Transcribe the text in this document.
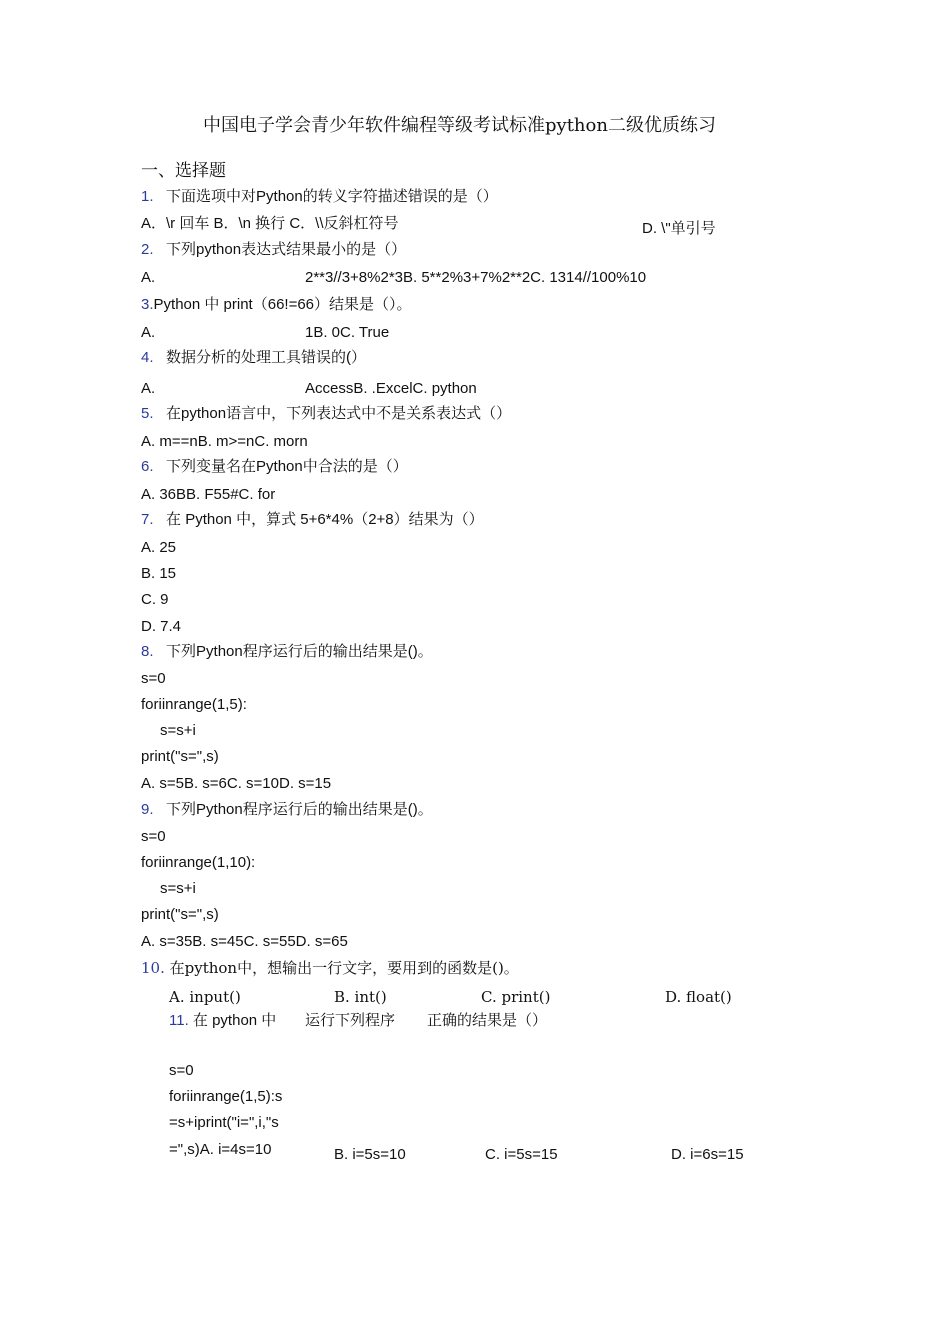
中国电子学会青少年软件编程等级考试标准python二级优质练习
一、选择题
1. 下面选项中对Python的转义字符描述错误的是（）
A．\r 回车 B．\n 换行 C．\\反斜杠符号	D. \"单引号
2. 下列python表达式结果最小的是（）
A.	2**3//3+8%2*3B. 5**2%3+7%2**2C. 1314//100%10
3.Python 中 print（66!=66）结果是（）。
A.	1B. 0C. True
4. 数据分析的处理工具错误的(）
A.	AccessB. .ExcelC. python
5. 在python语言中，下列表达式中不是关系表达式（）
A. m==nB. m>=nC. morn
6. 下列变量名在Python中合法的是（）
A. 36BB. F55#C. for
7. 在 Python 中，算式 5+6*4%（2+8）结果为（）
A. 25
B. 15
C. 9
D. 7.4
8. 下列Python程序运行后的输出结果是()。
s=0
foriinrange(1,5):
s=s+i
print("s=",s)
A. s=5B. s=6C. s=10D. s=15
9. 下列Python程序运行后的输出结果是()。
s=0
foriinrange(1,10):
s=s+i
print("s=",s)
A. s=35B. s=45C. s=55D. s=65
10. 在python中，想输出一行文字，要用到的函数是()。
A. input()	B. int()	C. print()	D. float()
11. 在 python 中	运行下列程序	正确的结果是（）
s=0
foriinrange(1,5):s
=s+iprint("i=",i,"s
=",s)A. i=4s=10	B. i=5s=10	C. i=5s=15	D. i=6s=15
